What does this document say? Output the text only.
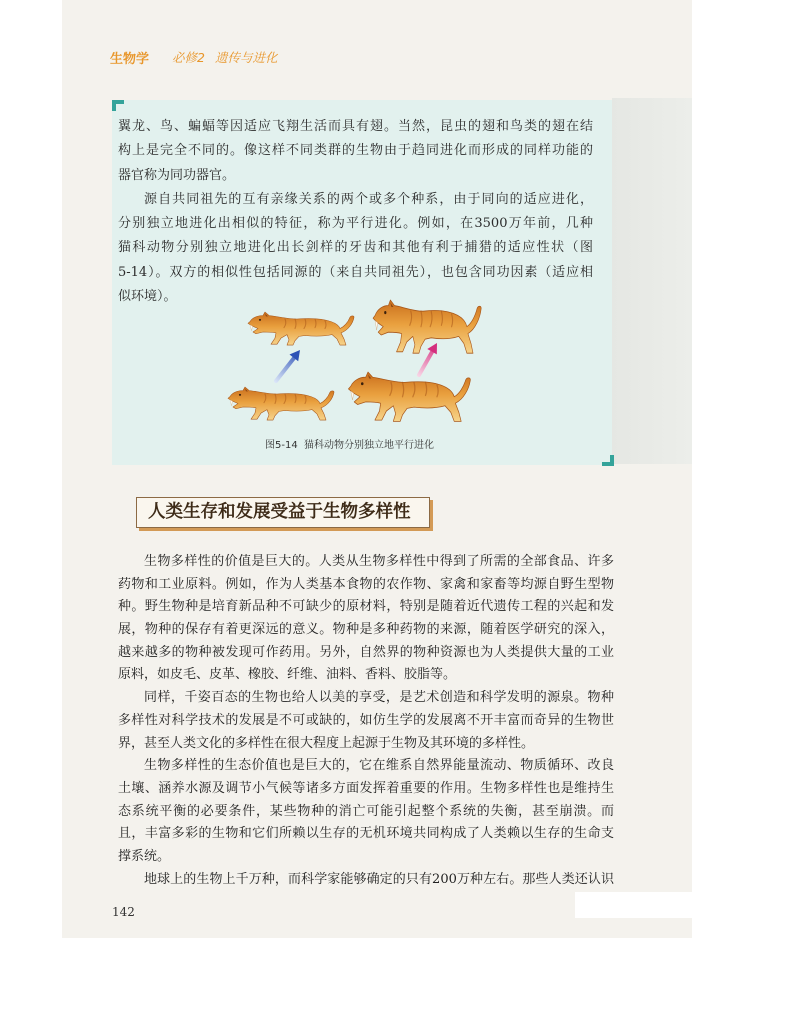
生物学 必修2 遗传与进化

翼龙、鸟、蝙蝠等因适应飞翔生活而具有翅。当然，昆虫的翅和鸟类的翅在结
构上是完全不同的。像这样不同类群的生物由于趋同进化而形成的同样功能的
器官称为同功器官。

源自共同祖先的互有亲缘关系的两个或多个种系，由于同向的适应进化，
分别独立地进化出相似的特征，称为平行进化。例如，在3500万年前，几种
猫科动物分别独立地进化出长剑样的牙齿和其他有利于捕猎的适应性状（图
5-14）。双方的相似性包括同源的（来自共同祖先），也包含同功因素（适应相
似环境）。

图5-14  猫科动物分别独立地平行进化
人类生存和发展受益于生物多样性

生物多样性的价值是巨大的。人类从生物多样性中得到了所需的全部食品、许多
药物和工业原料。例如，作为人类基本食物的农作物、家禽和家畜等均源自野生型物
种。野生物种是培育新品种不可缺少的原材料，特别是随着近代遗传工程的兴起和发
展，物种的保存有着更深远的意义。物种是多种药物的来源，随着医学研究的深入，
越来越多的物种被发现可作药用。另外，自然界的物种资源也为人类提供大量的工业
原料，如皮毛、皮革、橡胶、纤维、油料、香料、胶脂等。

同样，千姿百态的生物也给人以美的享受，是艺术创造和科学发明的源泉。物种
多样性对科学技术的发展是不可或缺的，如仿生学的发展离不开丰富而奇异的生物世
界，甚至人类文化的多样性在很大程度上起源于生物及其环境的多样性。

生物多样性的生态价值也是巨大的，它在维系自然界能量流动、物质循环、改良
土壤、涵养水源及调节小气候等诸多方面发挥着重要的作用。生物多样性也是维持生
态系统平衡的必要条件，某些物种的消亡可能引起整个系统的失衡，甚至崩溃。而
且，丰富多彩的生物和它们所赖以生存的无机环境共同构成了人类赖以生存的生命支
撑系统。

地球上的生物上千万种，而科学家能够确定的只有200万种左右。那些人类还认识

142
